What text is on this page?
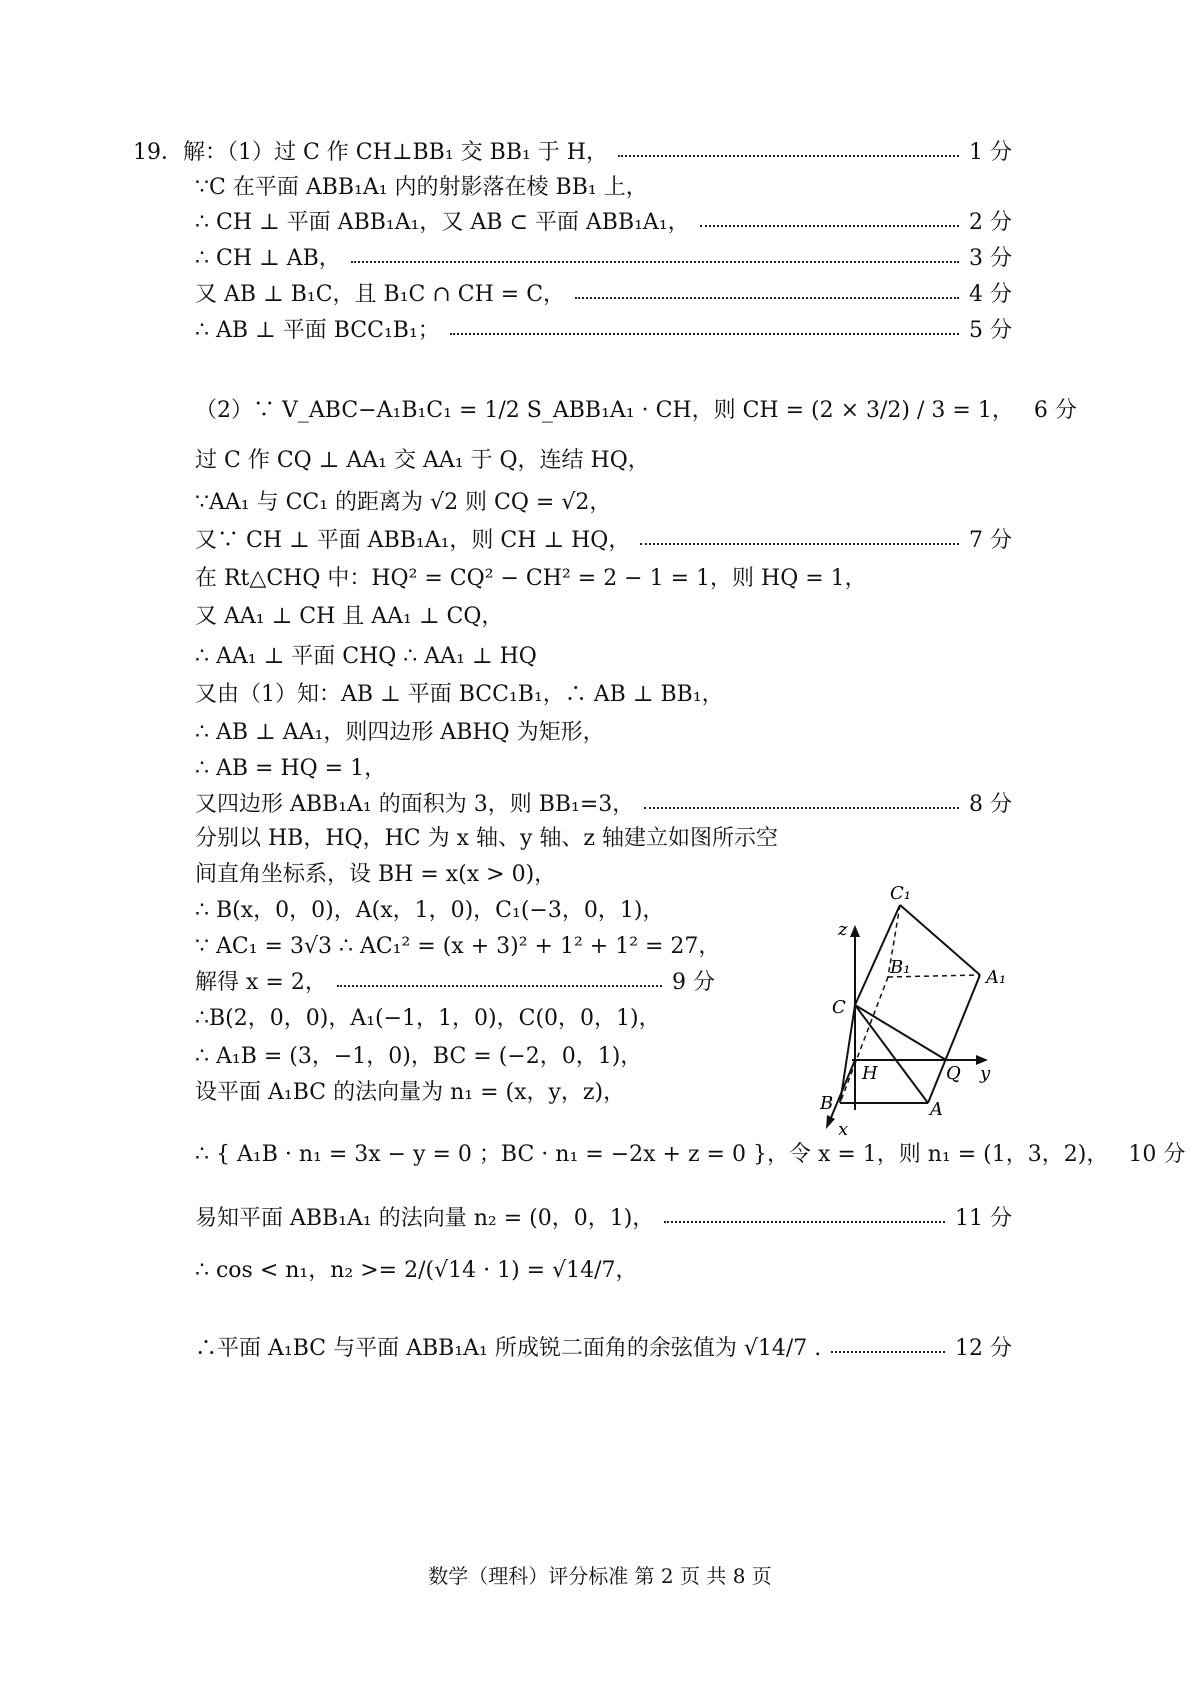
19．解：（1）过 C 作 CH⊥BB₁ 交 BB₁ 于 H，	1 分
∵C 在平面 ABB₁A₁ 内的射影落在棱 BB₁ 上，
∴ CH ⊥ 平面 ABB₁A₁，又 AB ⊂ 平面 ABB₁A₁，	2 分
∴ CH ⊥ AB，	3 分
又 AB ⊥ B₁C，且 B₁C ∩ CH = C，	4 分
∴ AB ⊥ 平面 BCC₁B₁；	5 分
（2）∵ V_ABC−A₁B₁C₁ = 1/2 S_ABB₁A₁ · CH，则 CH = (2 × 3/2) / 3 = 1， 6 分
过 C 作 CQ ⊥ AA₁ 交 AA₁ 于 Q，连结 HQ，
∵AA₁ 与 CC₁ 的距离为 √2 则 CQ = √2，
又∵ CH ⊥ 平面 ABB₁A₁，则 CH ⊥ HQ，	7 分
在 Rt△CHQ 中：HQ² = CQ² − CH² = 2 − 1 = 1，则 HQ = 1，
又 AA₁ ⊥ CH 且 AA₁ ⊥ CQ，
∴ AA₁ ⊥ 平面 CHQ ∴ AA₁ ⊥ HQ
又由（1）知：AB ⊥ 平面 BCC₁B₁，∴ AB ⊥ BB₁，
∴ AB ⊥ AA₁，则四边形 ABHQ 为矩形，
∴ AB = HQ = 1，
又四边形 ABB₁A₁ 的面积为 3，则 BB₁=3，	8 分
分别以 HB，HQ，HC 为 x 轴、y 轴、z 轴建立如图所示空
间直角坐标系，设 BH = x(x > 0)，
∴ B(x，0，0)，A(x，1，0)，C₁(−3，0，1)，
∵ AC₁ = 3√3 ∴ AC₁² = (x + 3)² + 1² + 1² = 27，
解得 x = 2，	9 分
∴B(2，0，0)，A₁(−1，1，0)，C(0，0，1)，
∴ A₁B = (3，−1，0)，BC = (−2，0，1)，
设平面 A₁BC 的法向量为 n₁ = (x，y，z)，
∴ { A₁B · n₁ = 3x − y = 0 ；BC · n₁ = −2x + z = 0 }，令 x = 1，则 n₁ = (1，3，2)， 10 分
易知平面 ABB₁A₁ 的法向量 n₂ = (0，0，1)，	11 分
∴ cos < n₁，n₂ >= 2/(√14 · 1) = √14/7，
∴平面 A₁BC 与平面 ABB₁A₁ 所成锐二面角的余弦值为 √14/7 .	12 分
C₁
B₁	A₁
z
C
H	Q y
B	A
x
数学（理科）评分标准 第 2 页 共 8 页
